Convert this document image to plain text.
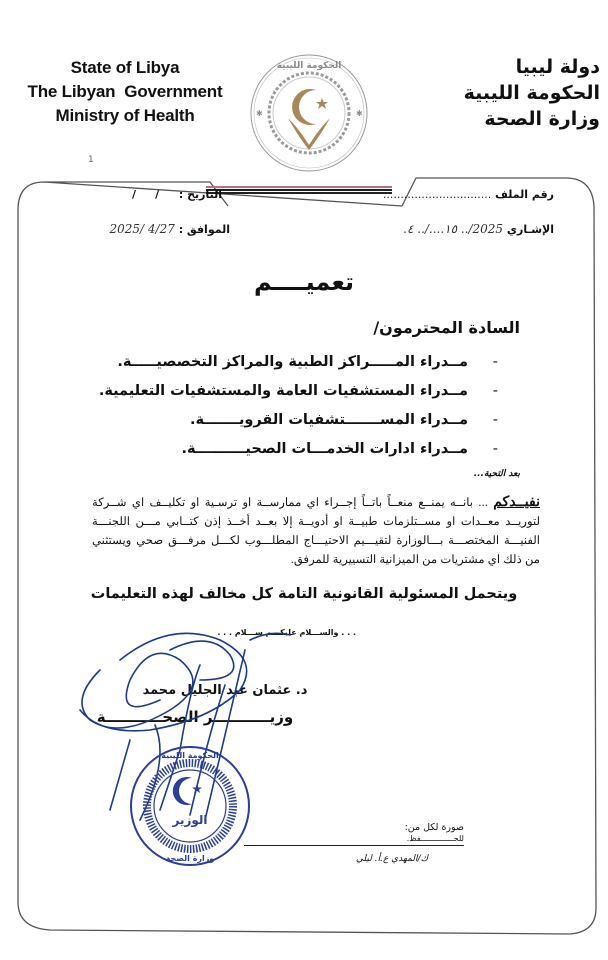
State of Libya
The Libyan  Government
Ministry of Health
دولة ليبيا
الحكومة الليبية
وزارة الصحة
الحكومة الليبية
✱	✱
1
رقم الملف ...............................
الإشـاري .١٥..../.. ٤ ../2025
التاريخ :  /     /
الموافق : 2025/ 4/27
تعميــــم
السادة المحترمون/
-مــدراء المـــــراكز الطبية والمراكز التخصصيـــــة.
-مــدراء المستشفيات العامة والمستشفيات التعليمية.
-مــدراء المســـــــتشفيات القرويـــــــة.
-مــدراء ادارات الخدمـــات الصحيــــــــــة.
بعد التحية...
نفيــدكم ... بانــه يمنــع منعــاً باتــاً إجــراء اي ممارســة او ترسـية او تكليــف اي شــركة لتوريــد معــدات او مســتلزمات طبيــة او أدويــة إلا بعــد أخــذ إذن كتــابي مـــن اللجنـــة الفنيـــة المختصـــة بـــالوزارة لتقيـــيم الاحتيـــاج المطلـــوب لكـــل مرفـــق صحي ويستثني من ذلك اي مشتريات من الميزانية التسييرية للمرفق.
ويتحمل المسئولية القانونية التامة كل مخالف لهذه التعليمات
. . . والســـلام عليكـــم ســـلام . . .
د. عثمان عبد الجليل محمد
وزيـــــــــــر الصحـــــــــــة
الوزير
الحكومة الليبية
وزارة الصحة
صورة لكل من:
للحــــــــــــــفظ.
ك/المهدي ع.أ. ليلي
